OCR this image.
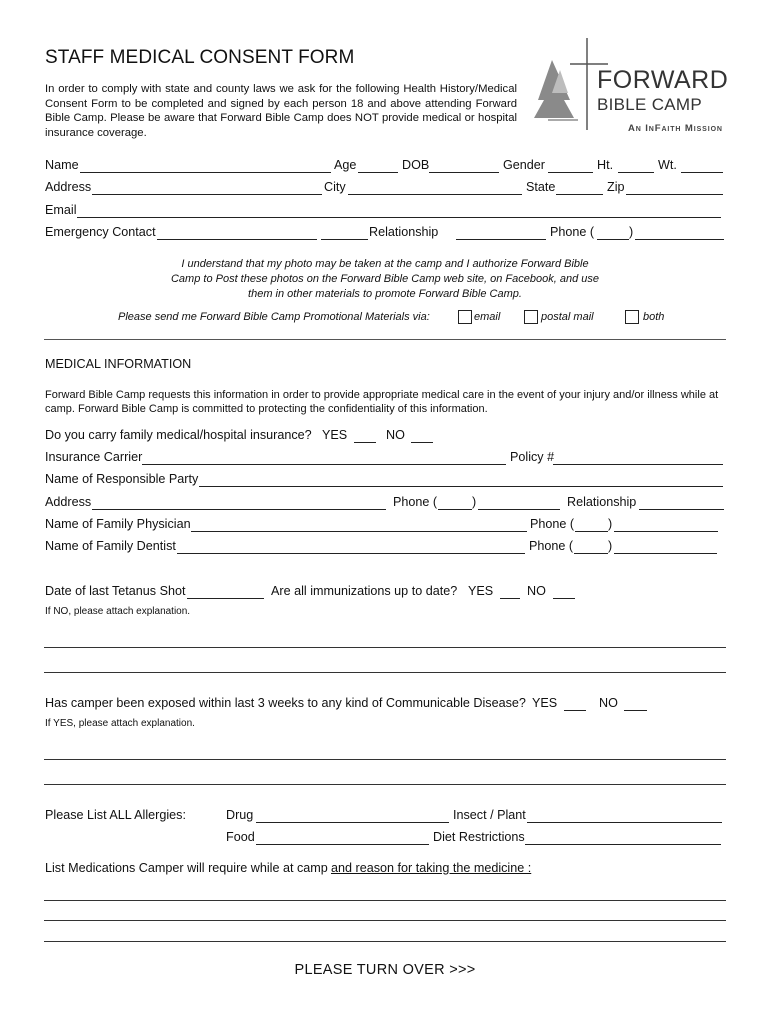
STAFF MEDICAL CONSENT FORM
In order to comply with state and county laws we ask for the following Health History/Medical Consent Form to be completed and signed by each person 18 and above attending Forward Bible Camp. Please be aware that Forward Bible Camp does NOT provide medical or hospital insurance coverage.
FORWARD
BIBLE CAMP
An InFaith Mission
Name	Age	DOB	Gender	Ht.	Wt.
Address	City	State	Zip
Email
Emergency Contact	Relationship	Phone (	)
I understand that my photo may be taken at the camp and I authorize Forward Bible
Camp to Post these photos on the Forward Bible Camp web site, on Facebook, and use
them in other materials to promote Forward Bible Camp.
Please send me Forward Bible Camp Promotional Materials via:	email	postal mail	both
MEDICAL INFORMATION
Forward Bible Camp requests this information in order to provide appropriate medical care in the event of your injury and/or illness while at camp. Forward Bible Camp is committed to protecting the confidentiality of this information.
Do you carry family medical/hospital insurance? YES	NO
Insurance Carrier	Policy #
Name of Responsible Party
Address	Phone (	)	Relationship
Name of Family Physician	Phone (	)
Name of Family Dentist	Phone (	)
Date of last Tetanus Shot	Are all immunizations up to date? YES	NO
If NO, please attach explanation.
Has camper been exposed within last 3 weeks to any kind of Communicable Disease? YES	NO
If YES, please attach explanation.
Please List ALL Allergies:	Drug	Insect / Plant
Food	Diet Restrictions
List Medications Camper will require while at camp and reason for taking the medicine :
PLEASE TURN OVER >>>
